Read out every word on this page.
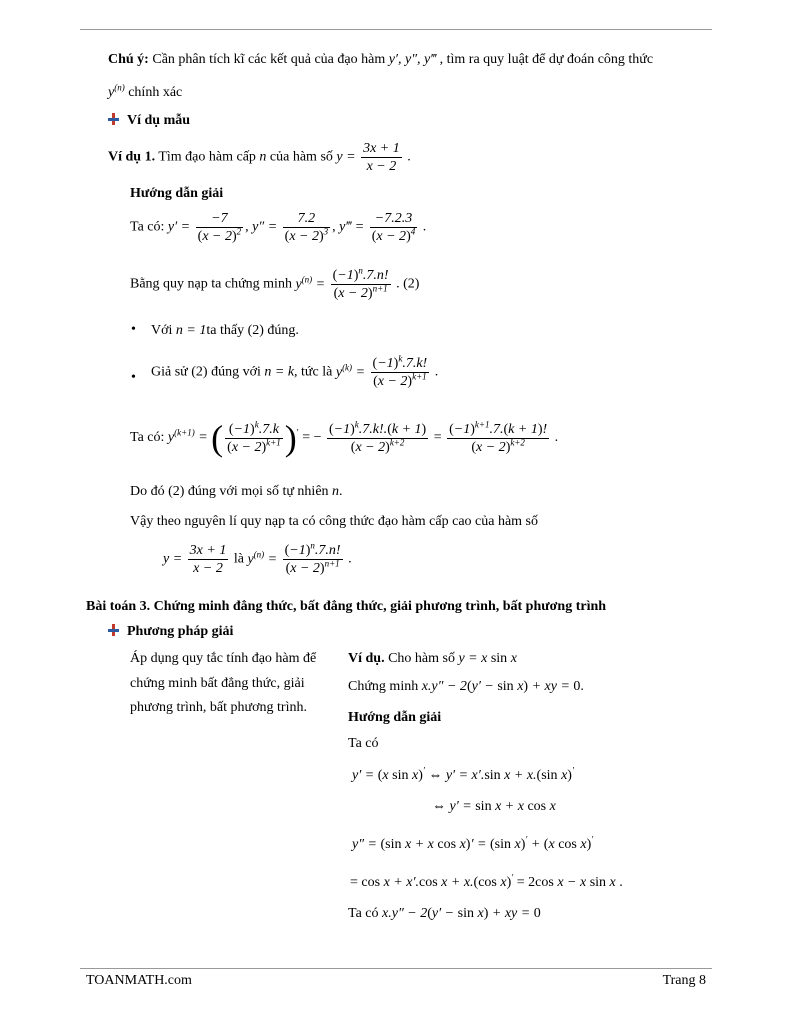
Chú ý: Cần phân tích kĩ các kết quả của đạo hàm y′, y″, y‴ , tìm ra quy luật để dự đoán công thức
$y^{(n)}$ chính xác
Ví dụ mẫu
Ví dụ 1. Tìm đạo hàm cấp n của hàm số $y = \frac{3x + 1}{x - 2}$ .
Hướng dẫn giải
Ta có: $y' = \frac{-7}{(x - 2)^2}$ , $y'' = \frac{7.2}{(x - 2)^3}$ , y‴ = $\frac{-7.2.3}{(x - 2)^4}$ .
Bằng quy nạp ta chứng minh $y^{(n)} = \frac{(-1)^n.7.n!}{(x - 2)^{n+1}}$ . (2)
• Với n = 1ta thấy (2) đúng.
• Giả sử (2) đúng với n = k, tức là $y^{(k)} = \frac{(-1)^k.7.k!}{(x - 2)^{k+1}}$ .
Ta có: $y^{(k+1)}$ = ( $\frac{(-1)^k.7.k}{(x - 2)^{k+1}} )'$ = − $\frac{(-1)^k.7.k!.(k + 1)}{(x - 2)^{k+2}} = \frac{(-1)^{k+1}.7.(k + 1)!}{(x - 2)^{k+2}}$ .
Do đó (2) đúng với mọi số tự nhiên n.
Vậy theo nguyên lí quy nạp ta có công thức đạo hàm cấp cao của hàm số
$y = \frac{3x + 1}{x - 2}$ là $y^{(n)} = \frac{(-1)^n.7.n!}{(x - 2)^{n+1}}$ .
Bài toán 3. Chứng minh đẳng thức, bất đẳng thức, giải phương trình, bất phương trình
Phương pháp giải
Áp dụng quy tắc tính đạo hàm để
chứng minh bất đẳng thức, giải
phương trình, bất phương trình.
Ví dụ. Cho hàm số y = x sin x
Chứng minh x.y″ − 2(y′ − sin x) + xy = 0.
Hướng dẫn giải
Ta có
y′ = (x sin x)′ ⇔ y′ = x′.sin x + x.(sin x)′
⇔ y′ = sin x + x cos x
y″ = (sin x + x cos x)′ = (sin x)′ + (x cos x)′
= cos x + x′.cos x + x.(cos x)′ = 2cos x − x sin x .
Ta có x.y″ − 2(y′ − sin x) + xy = 0
TOANMATH.com	Trang 8
